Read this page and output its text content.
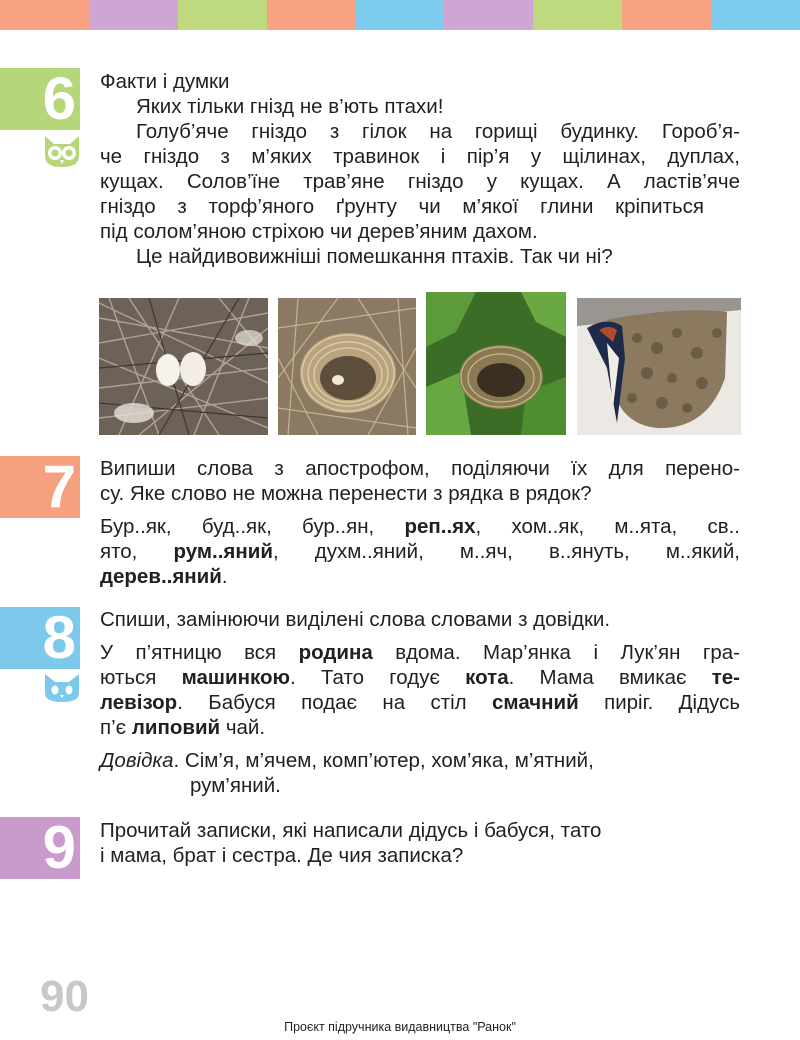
6 Факти і думки

Яких тільки гнізд не в’ють птахи!

Голуб’яче гніздо з гілок на горищі будинку. Гороб’я-

че гніздо з м’яких травинок і пір’я у щілинах, дуплах,

кущах. Солов’їне трав’яне гніздо у кущах. А ластів’яче

гніздо з торф’яного ґрунту чи м’якої глини кріпиться

під солом’яною стріхою чи дерев’яним дахом.

Це найдивовижніші помешкання птахів. Так чи ні?

7 Випиши слова з апострофом, поділяючи їх для перено-

су. Яке слово не можна перенести з рядка в рядок?

Бур..як, буд..як, бур..ян, реп..ях, хом..як, м..ята, св..

ято, рум..яний, духм..яний, м..яч, в..януть, м..який,

дерев..яний.

8 Спиши, замінюючи виділені слова словами з довідки.

У п’ятницю вся родина вдома. Мар’янка і Лук’ян гра-

ються машинкою. Тато годує кота. Мама вмикає те-

левізор. Бабуся подає на стіл смачний пиріг. Дідусь

п’є липовий чай.

Довідка. Сім’я, м’ячем, комп’ютер, хом’яка, м’ятний,

рум’яний.

9 Прочитай записки, які написали дідусь і бабуся, тато

і мама, брат і сестра. Де чия записка?

90
Проєкт підручника видавництва "Ранок"
